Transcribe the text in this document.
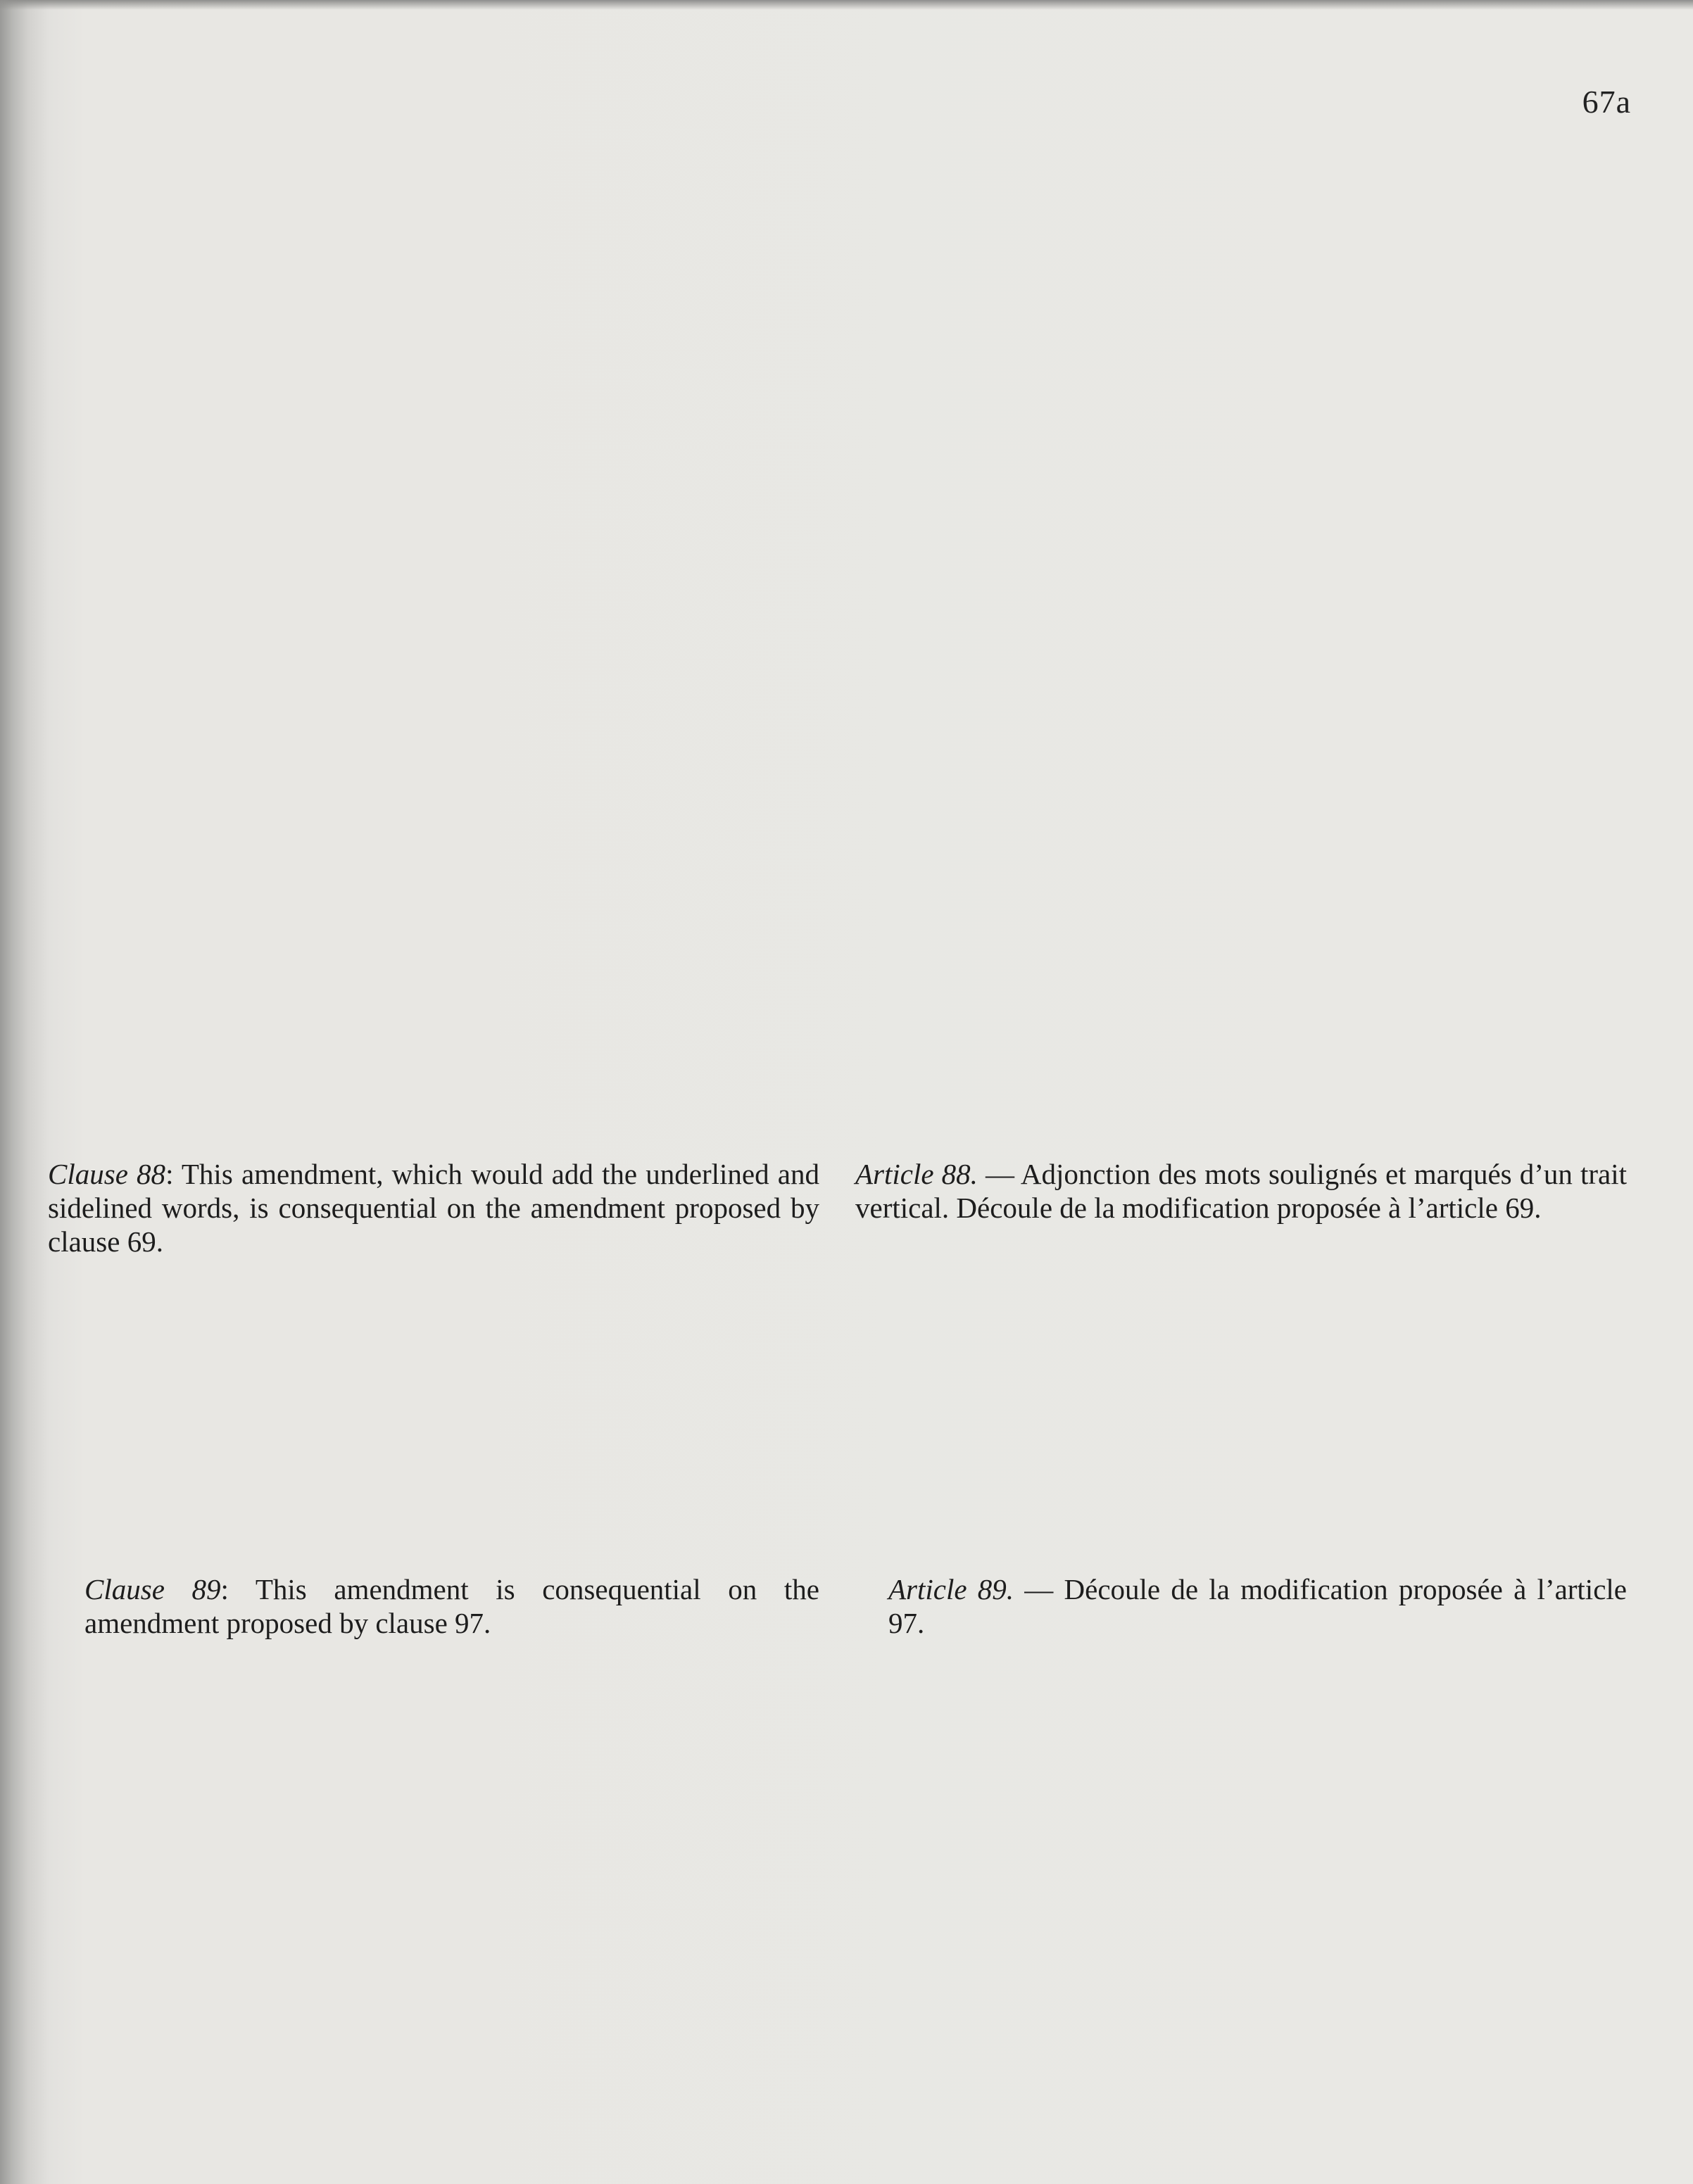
67a

Clause 88: This amendment, which would add the underlined and sidelined words, is consequential on the amendment proposed by clause 69.

Article 88. — Adjonction des mots soulignés et marqués d’un trait vertical. Découle de la modification proposée à l’article 69.

Clause 89: This amendment is consequential on the amendment proposed by clause 97.

Article 89. — Découle de la modification proposée à l’article 97.
